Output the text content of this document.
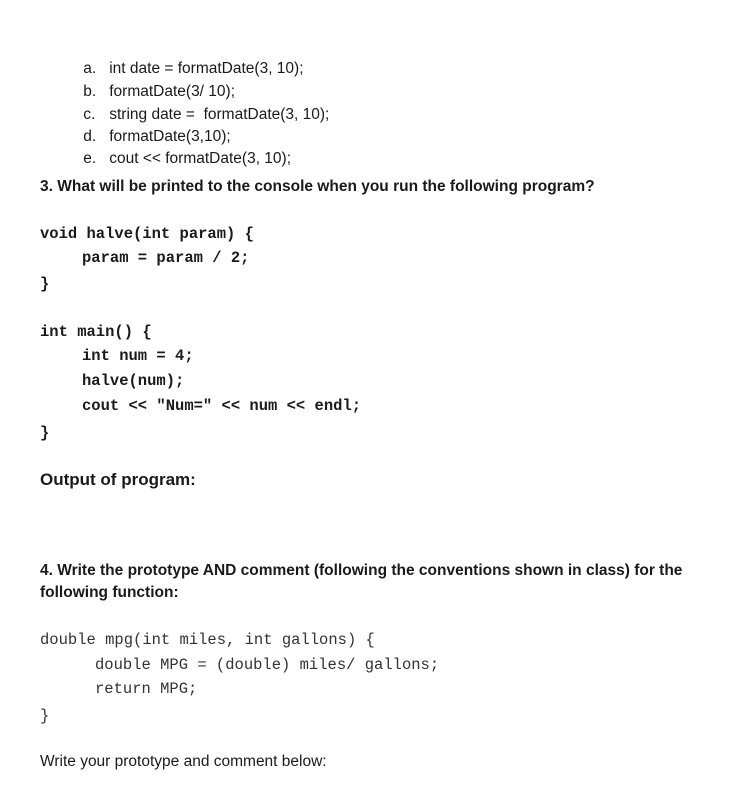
a. int date = formatDate(3, 10);

b. formatDate(3/ 10);

c. string date =  formatDate(3, 10);

d. formatDate(3,10);

e. cout << formatDate(3, 10);

3. What will be printed to the console when you run the following program?
void halve(int param) {
param = param / 2;
}
int main() {
int num = 4;
halve(num);
cout << "Num=" << num << endl;
}
Output of program:
4. Write the prototype AND comment (following the conventions shown in class) for the
following function:
double mpg(int miles, int gallons) {
double MPG = (double) miles/ gallons;
return MPG;
}
Write your prototype and comment below:
